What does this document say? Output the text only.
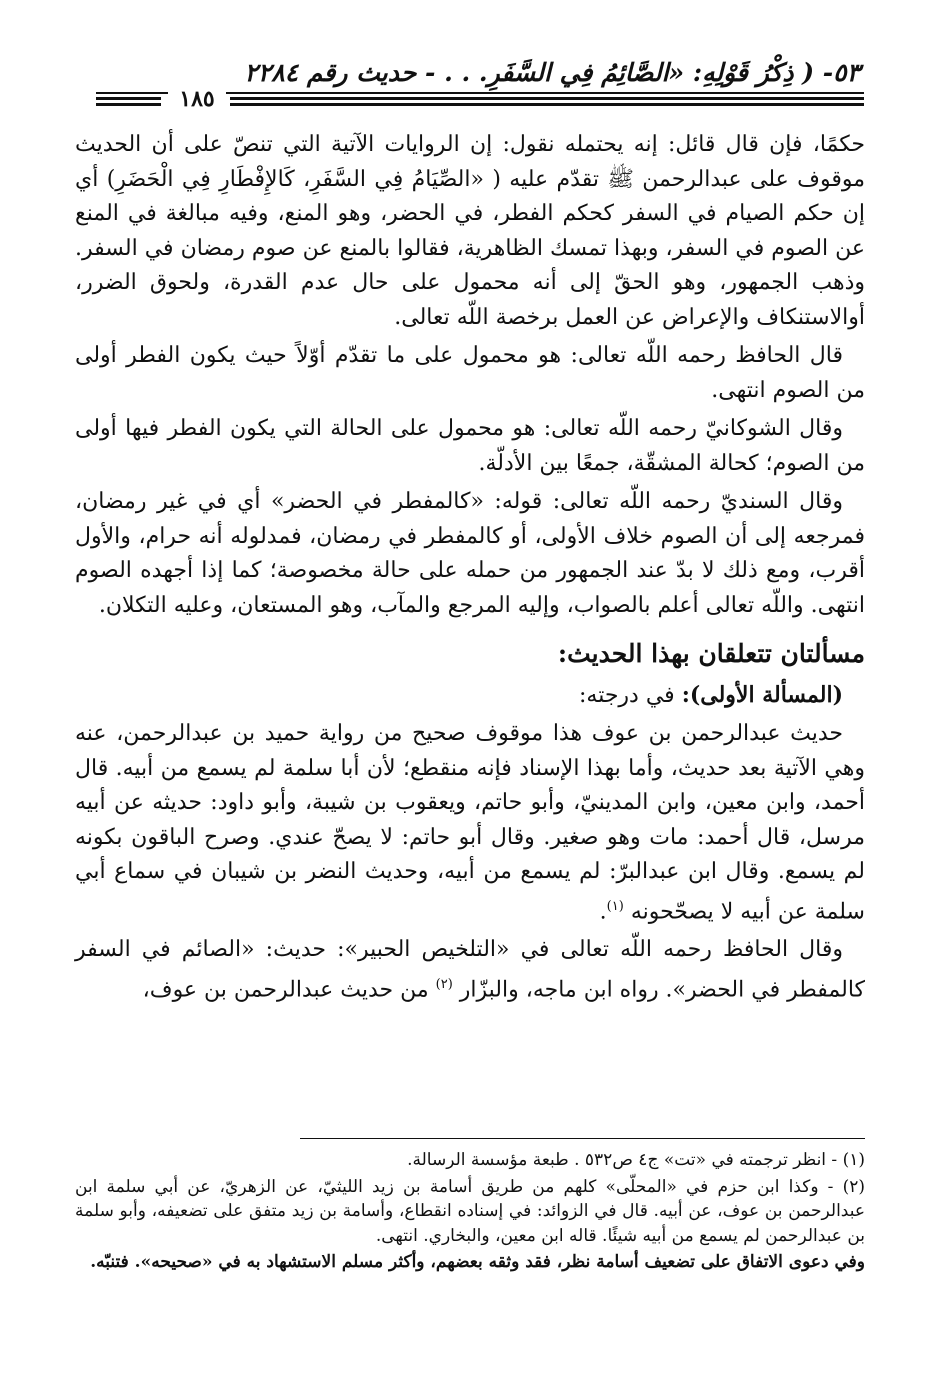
٥٣- ( ذِكْرُ قَوْلِهِ: «الصَّائِمُ فِي السَّفَرِ. . . - حديث رقم ٢٢٨٤
١٨٥

حكمًا، فإن قال قائل: إنه يحتمله نقول: إن الروايات الآتية التي تنصّ على أن الحديث موقوف على عبدالرحمن ﷺ تقدّم عليه ( «الصِّيَامُ فِي السَّفَرِ، كَالإِفْطَارِ فِي الْحَضَرِ) أي إن حكم الصيام في السفر كحكم الفطر، في الحضر، وهو المنع، وفيه مبالغة في المنع عن الصوم في السفر، وبهذا تمسك الظاهرية، فقالوا بالمنع عن صوم رمضان في السفر. وذهب الجمهور، وهو الحقّ إلى أنه محمول على حال عدم القدرة، ولحوق الضرر، أوالاستنكاف والإعراض عن العمل برخصة اللّه تعالى.

قال الحافظ رحمه اللّه تعالى: هو محمول على ما تقدّم أوّلاً حيث يكون الفطر أولى من الصوم انتهى.

وقال الشوكانيّ رحمه اللّه تعالى: هو محمول على الحالة التي يكون الفطر فيها أولى من الصوم؛ كحالة المشقّة، جمعًا بين الأدلّة.

وقال السنديّ رحمه اللّه تعالى: قوله: «كالمفطر في الحضر» أي في غير رمضان، فمرجعه إلى أن الصوم خلاف الأولى، أو كالمفطر في رمضان، فمدلوله أنه حرام، والأول أقرب، ومع ذلك لا بدّ عند الجمهور من حمله على حالة مخصوصة؛ كما إذا أجهده الصوم انتهى. واللّه تعالى أعلم بالصواب، وإليه المرجع والمآب، وهو المستعان، وعليه التكلان.

مسألتان تتعلقان بهذا الحديث:

(المسألة الأولى): في درجته:

حديث عبدالرحمن بن عوف هذا موقوف صحيح من رواية حميد بن عبدالرحمن، عنه وهي الآتية بعد حديث، وأما بهذا الإسناد فإنه منقطع؛ لأن أبا سلمة لم يسمع من أبيه. قال أحمد، وابن معين، وابن المدينيّ، وأبو حاتم، ويعقوب بن شيبة، وأبو داود: حديثه عن أبيه مرسل، قال أحمد: مات وهو صغير. وقال أبو حاتم: لا يصحّ عندي. وصرح الباقون بكونه لم يسمع. وقال ابن عبدالبرّ: لم يسمع من أبيه، وحديث النضر بن شيبان في سماع أبي سلمة عن أبيه لا يصحّحونه $^{(١)}$.

وقال الحافظ رحمه اللّه تعالى في «التلخيص الحبير»: حديث: «الصائم في السفر كالمفطر في الحضر». رواه ابن ماجه، والبزّار $^{(٢)}$ من حديث عبدالرحمن بن عوف،

(١) - انظر ترجمته في «تت» ج٤ ص٥٣٢ . طبعة مؤسسة الرسالة.

(٢) - وكذا ابن حزم في «المحلّى» كلهم من طريق أسامة بن زيد الليثيّ، عن الزهريّ، عن أبي سلمة ابن عبدالرحمن بن عوف، عن أبيه. قال في الزوائد: في إسناده انقطاع، وأسامة بن زيد متفق على تضعيفه، وأبو سلمة بن عبدالرحمن لم يسمع من أبيه شيئًا. قاله ابن معين، والبخاري. انتهى.

وفي دعوى الاتفاق على تضعيف أسامة نظر، فقد وثقه بعضهم، وأكثر مسلم الاستشهاد به في «صحيحه». فتنبّه.
